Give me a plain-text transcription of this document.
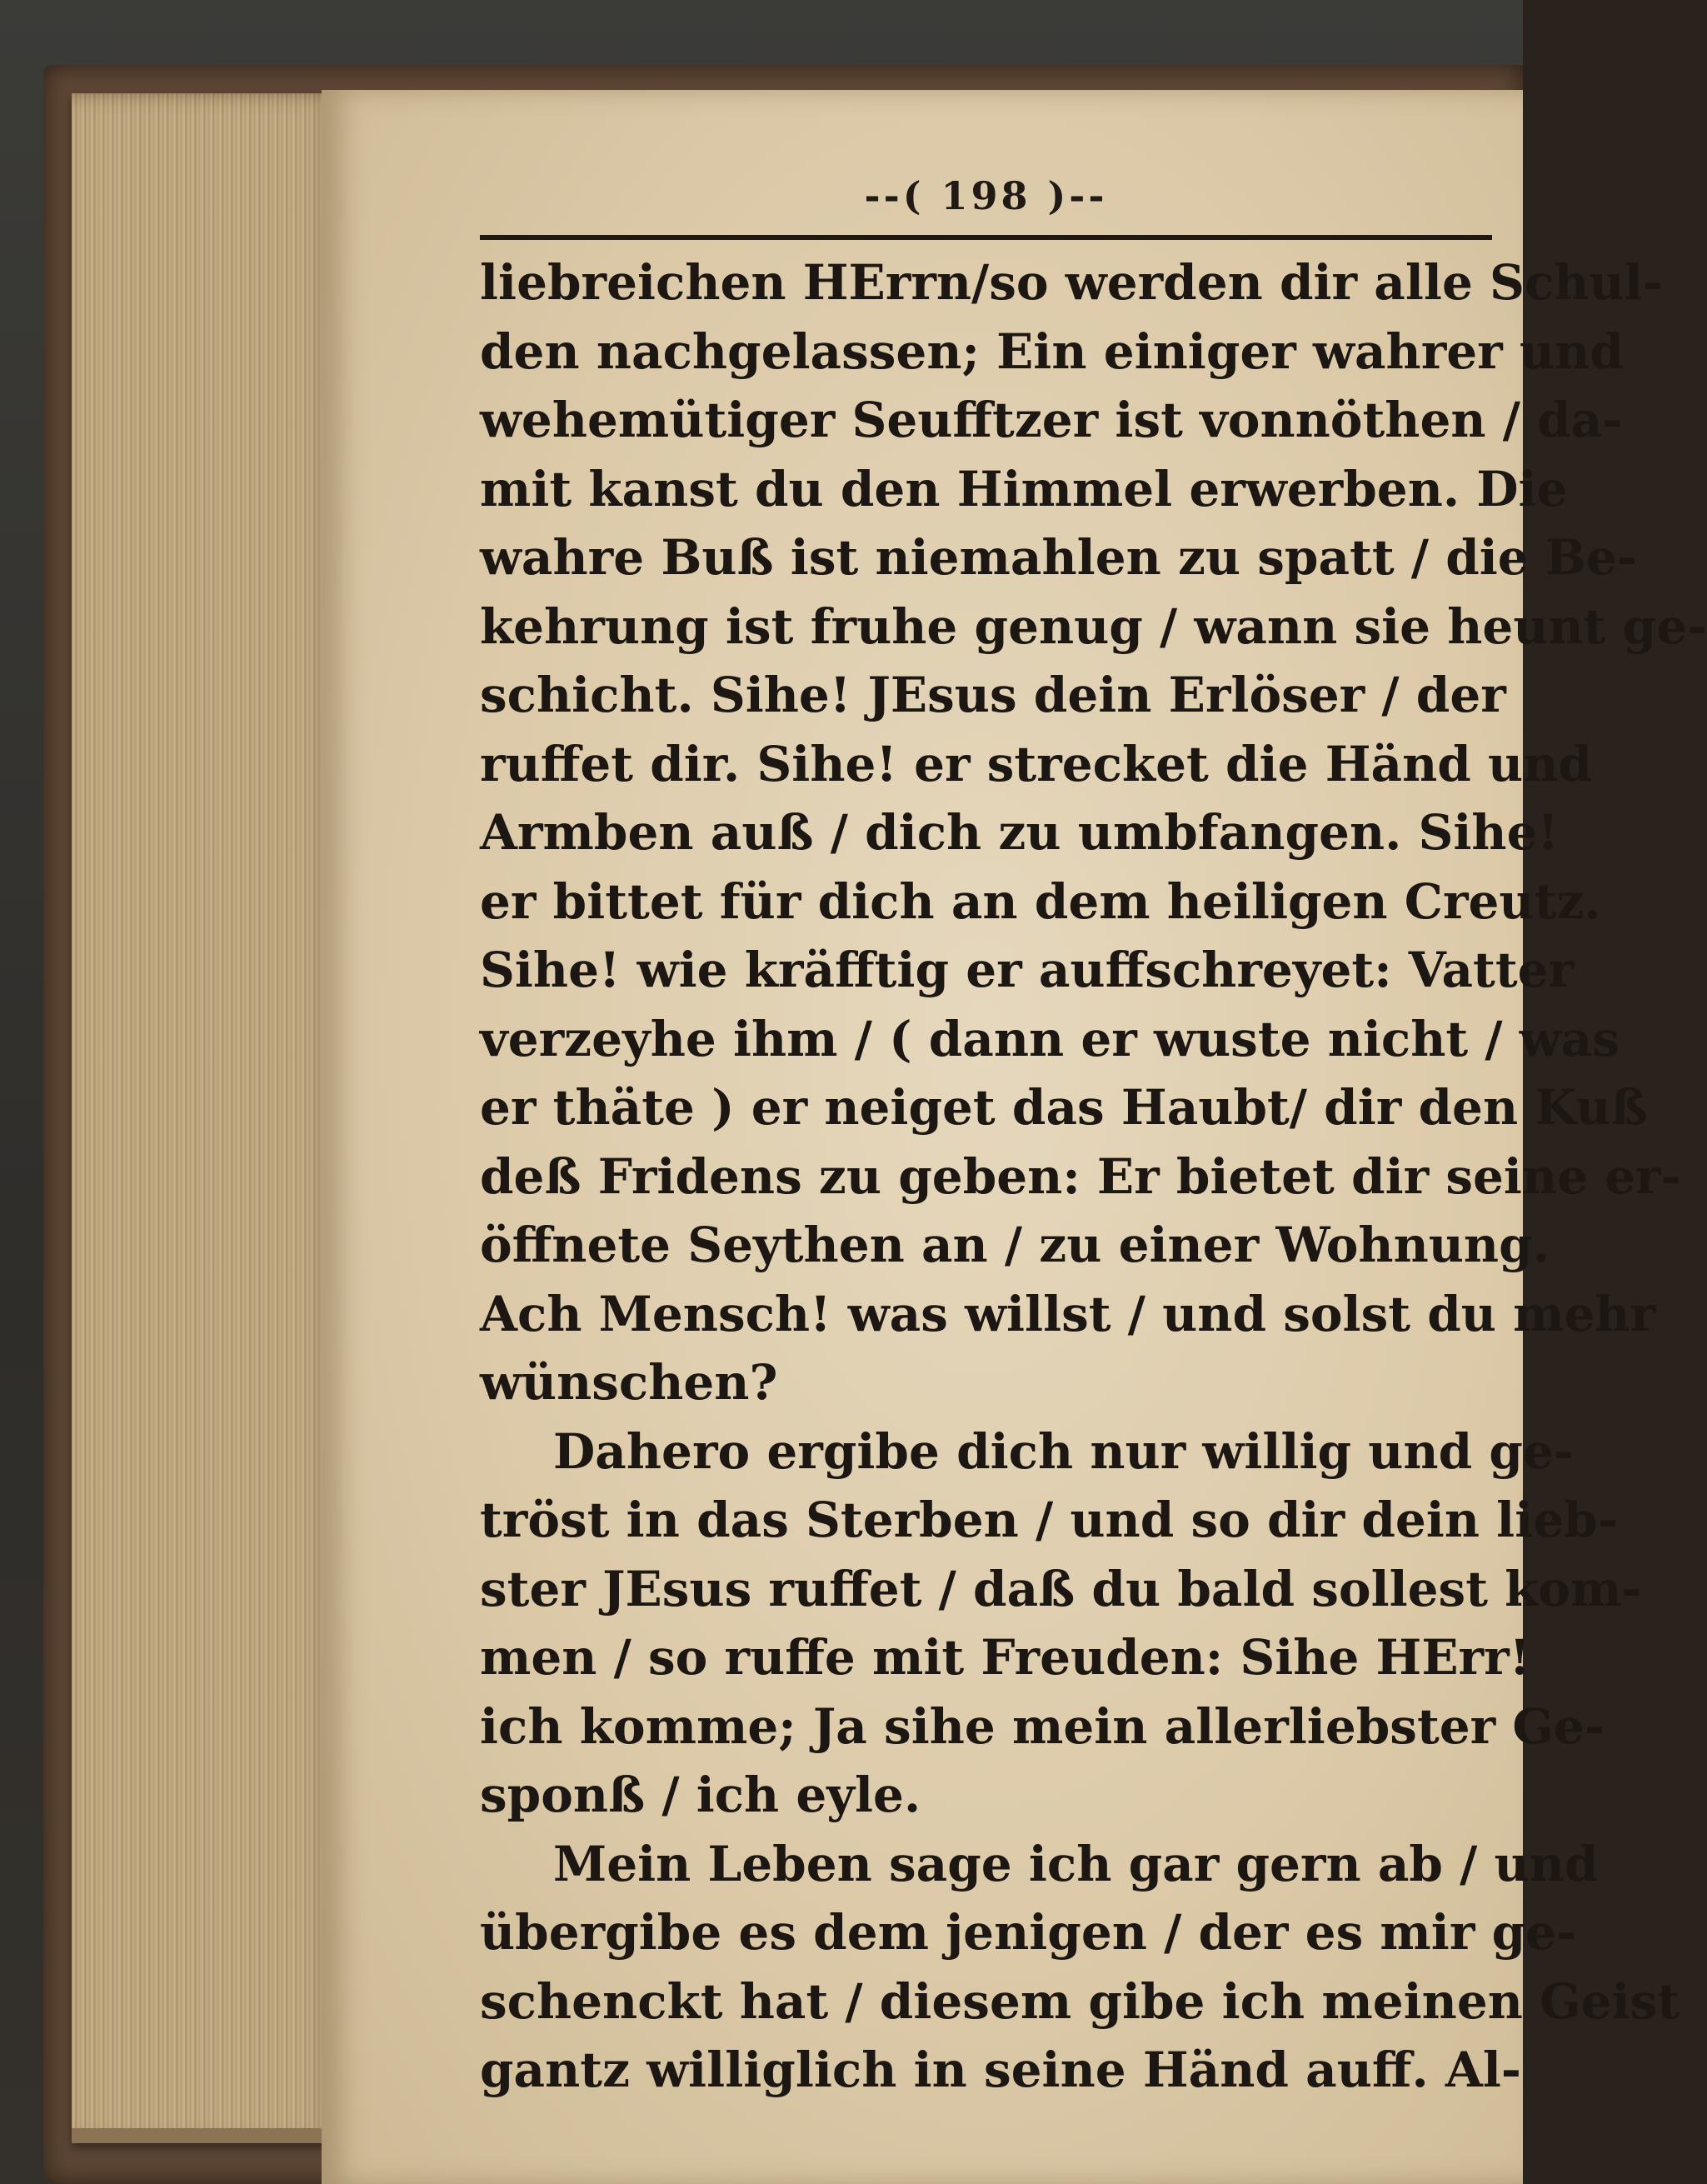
‑‑( 198 )‑‑
liebreichen HErrn/so werden dir alle Schul-
den nachgelassen; Ein einiger wahrer und
wehemütiger Seufftzer ist vonnöthen / da-
mit kanst du den Himmel erwerben. Die
wahre Buß ist niemahlen zu spatt / die Be-
kehrung ist fruhe genug / wann sie heunt ge-
schicht. Sihe! JEsus dein Erlöser / der
ruffet dir. Sihe! er strecket die Händ und
Armben auß / dich zu umbfangen. Sihe!
er bittet für dich an dem heiligen Creutz.
Sihe! wie kräfftig er auffschreyet: Vatter
verzeyhe ihm / ( dann er wuste nicht / was
er thäte ) er neiget das Haubt/ dir den Kuß
deß Fridens zu geben: Er bietet dir seine er-
öffnete Seythen an / zu einer Wohnung.
Ach Mensch! was willst / und solst du mehr
wünschen?
Dahero ergibe dich nur willig und ge-
tröst in das Sterben / und so dir dein lieb-
ster JEsus ruffet / daß du bald sollest kom-
men / so ruffe mit Freuden: Sihe HErr!
ich komme; Ja sihe mein allerliebster Ge-
sponß / ich eyle.
Mein Leben sage ich gar gern ab / und
übergibe es dem jenigen / der es mir ge-
schenckt hat / diesem gibe ich meinen Geist
gantz williglich in seine Händ auff. Al-
